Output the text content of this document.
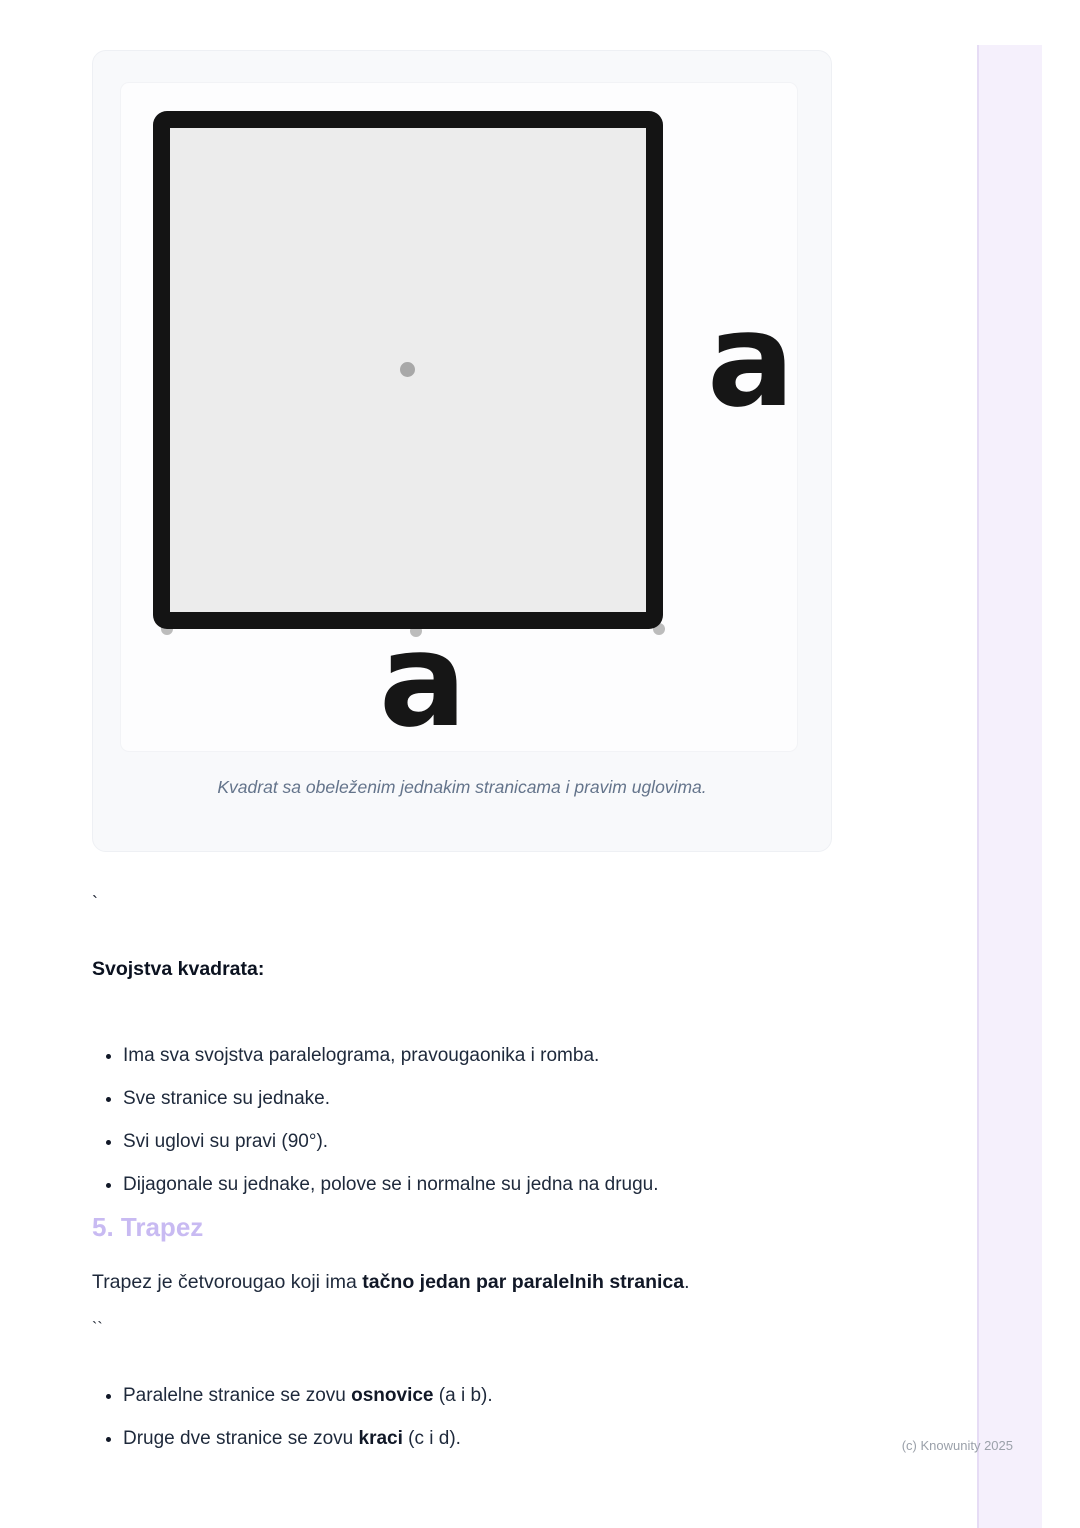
a
a
Kvadrat sa obeleženim jednakim stranicama i pravim uglovima.
`
Svojstva kvadrata:
• Ima sva svojstva paralelograma, pravougaonika i romba.
• Sve stranice su jednake.
• Svi uglovi su pravi (90°).
• Dijagonale su jednake, polove se i normalne su jedna na drugu.
5. Trapez

Trapez je četvorougao koji ima tačno jedan par paralelnih stranica.

``
• Paralelne stranice se zovu osnovice (a i b).
• Druge dve stranice se zovu kraci (c i d).	(c) Knowunity 2025
